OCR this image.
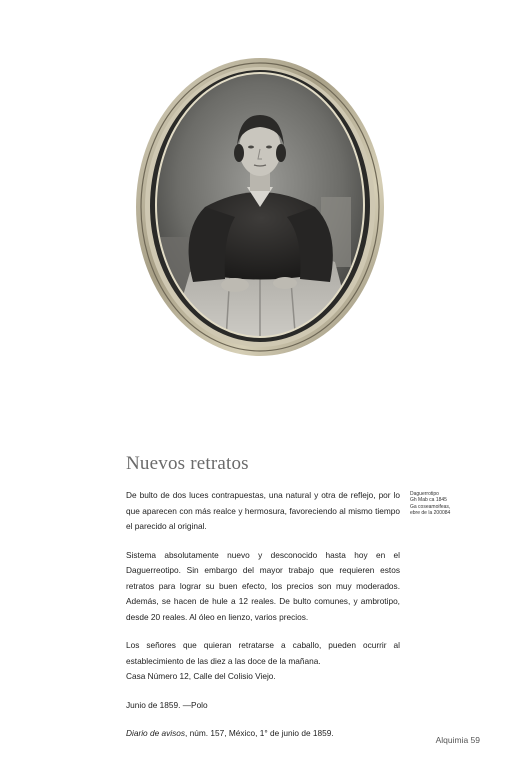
Nuevos retratos

De bulto de dos luces contrapuestas, una natural y otra de reflejo, por lo que aparecen con más realce y hermosura, favoreciendo al mismo tiempo el parecido al original.

Sistema absolutamente nuevo y desconocido hasta hoy en el Daguerreotipo. Sin embargo del mayor trabajo que requieren estos retratos para lograr su buen efecto, los precios son muy moderados. Además, se hacen de hule a 12 reales. De bulto comunes, y ambrotipo, desde 20 reales. Al óleo en lienzo, varios precios.

Los señores que quieran retratarse a caballo, pueden ocurrir al establecimiento de las diez a las doce de la mañana.

Casa Número 12, Calle del Colisio Viejo.

Junio de 1859. —Polo

Diario de avisos, núm. 157, México, 1° de junio de 1859.

Daguerrotipo
Gh Mab ca 1845
Ga coseamoifeas,
ebre de la 200084
Alquimia 59
